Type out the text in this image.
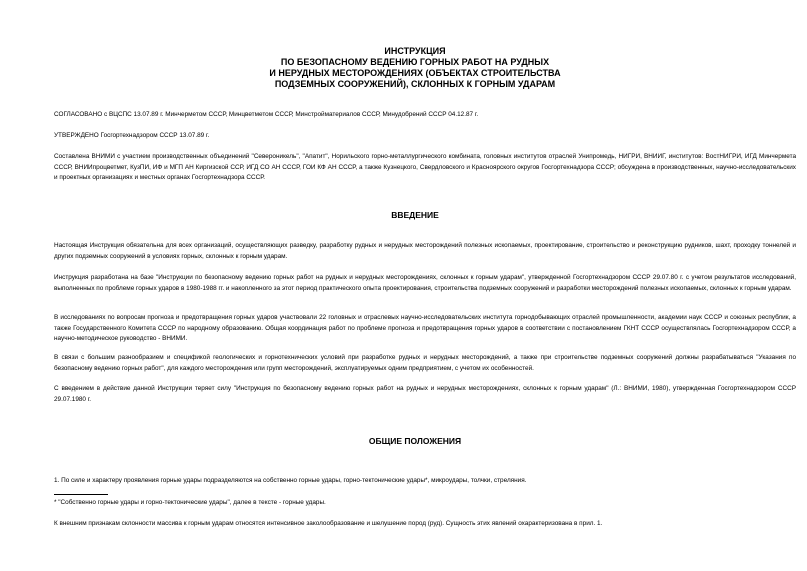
ИНСТРУКЦИЯ
ПО БЕЗОПАСНОМУ ВЕДЕНИЮ ГОРНЫХ РАБОТ НА РУДНЫХ
И НЕРУДНЫХ МЕСТОРОЖДЕНИЯХ (ОБЪЕКТАХ СТРОИТЕЛЬСТВА
ПОДЗЕМНЫХ СООРУЖЕНИЙ), СКЛОННЫХ К ГОРНЫМ УДАРАМ
СОГЛАСОВАНО с ВЦСПС 13.07.89 г. Минчерметом СССР, Минцветметом СССР, Минстройматериалов СССР, Минудобрений СССР 04.12.87 г.
УТВЕРЖДЕНО Госгортехнадзором СССР 13.07.89 г.
Составлена ВНИМИ с участием производственных объединений "Североникель", "Апатит", Норильского горно-металлургического комбината, головных институтов отраслей Унипромедь, НИГРИ, ВНИИГ, институтов: ВостНИГРИ, ИГД Минчермета СССР, ВНИИпроцветмет, КузПИ, ИФ и МГП АН Киргизской ССР, ИГД СО АН СССР, ГОИ КФ АН СССР, а также Кузнецкого, Свердловского и Красноярского округов Госгортехнадзора СССР; обсуждена в производственных, научно-исследовательских и проектных организациях и местных органах Госгортехнадзора СССР.
ВВЕДЕНИЕ
Настоящая Инструкция обязательна для всех организаций, осуществляющих разведку, разработку рудных и нерудных месторождений полезных ископаемых, проектирование, строительство и реконструкцию рудников, шахт, проходку тоннелей и других подземных сооружений в условиях горных, склонных к горным ударам.
Инструкция разработана на базе "Инструкции по безопасному ведению горных работ на рудных и нерудных месторождениях, склонных к горным ударам", утвержденной Госгортехнадзором СССР 29.07.80 г. с учетом результатов исследований, выполненных по проблеме горных ударов в 1980-1988 гг. и накопленного за этот период практического опыта проектирования, строительства подземных сооружений и разработки месторождений полезных ископаемых, склонных к горным ударам.
В исследованиях по вопросам прогноза и предотвращения горных ударов участвовали 22 головных и отраслевых научно-исследовательских института горнодобывающих отраслей промышленности, академии наук СССР и союзных республик, а также Государственного Комитета СССР по народному образованию. Общая координация работ по проблеме прогноза и предотвращения горных ударов в соответствии с постановлением ГКНТ СССР осуществлялась Госгортехнадзором СССР, а научно-методическое руководство - ВНИМИ.
В связи с большим разнообразием и спецификой геологических и горнотехнических условий при разработке рудных и нерудных месторождений, а также при строительстве подземных сооружений должны разрабатываться "Указания по безопасному ведению горных работ", для каждого месторождения или групп месторождений, эксплуатируемых одним предприятием, с учетом их особенностей.
С введением в действие данной Инструкции теряет силу "Инструкция по безопасному ведению горных работ на рудных и нерудных месторождениях, склонных к горным ударам" (Л.: ВНИМИ, 1980), утвержденная Госгортехнадзором СССР 29.07.1980 г.
ОБЩИЕ ПОЛОЖЕНИЯ
1. По силе и характеру проявления горные удары подразделяются на собственно горные удары, горно-тектонические удары*, микроудары, толчки, стреляния.
* "Собственно горные удары и горно-тектонические удары", далее в тексте - горные удары.
К внешним признакам склонности массива к горным ударам относятся интенсивное заколообразование и шелушение пород (руд). Сущность этих явлений охарактеризована в прил. 1.
